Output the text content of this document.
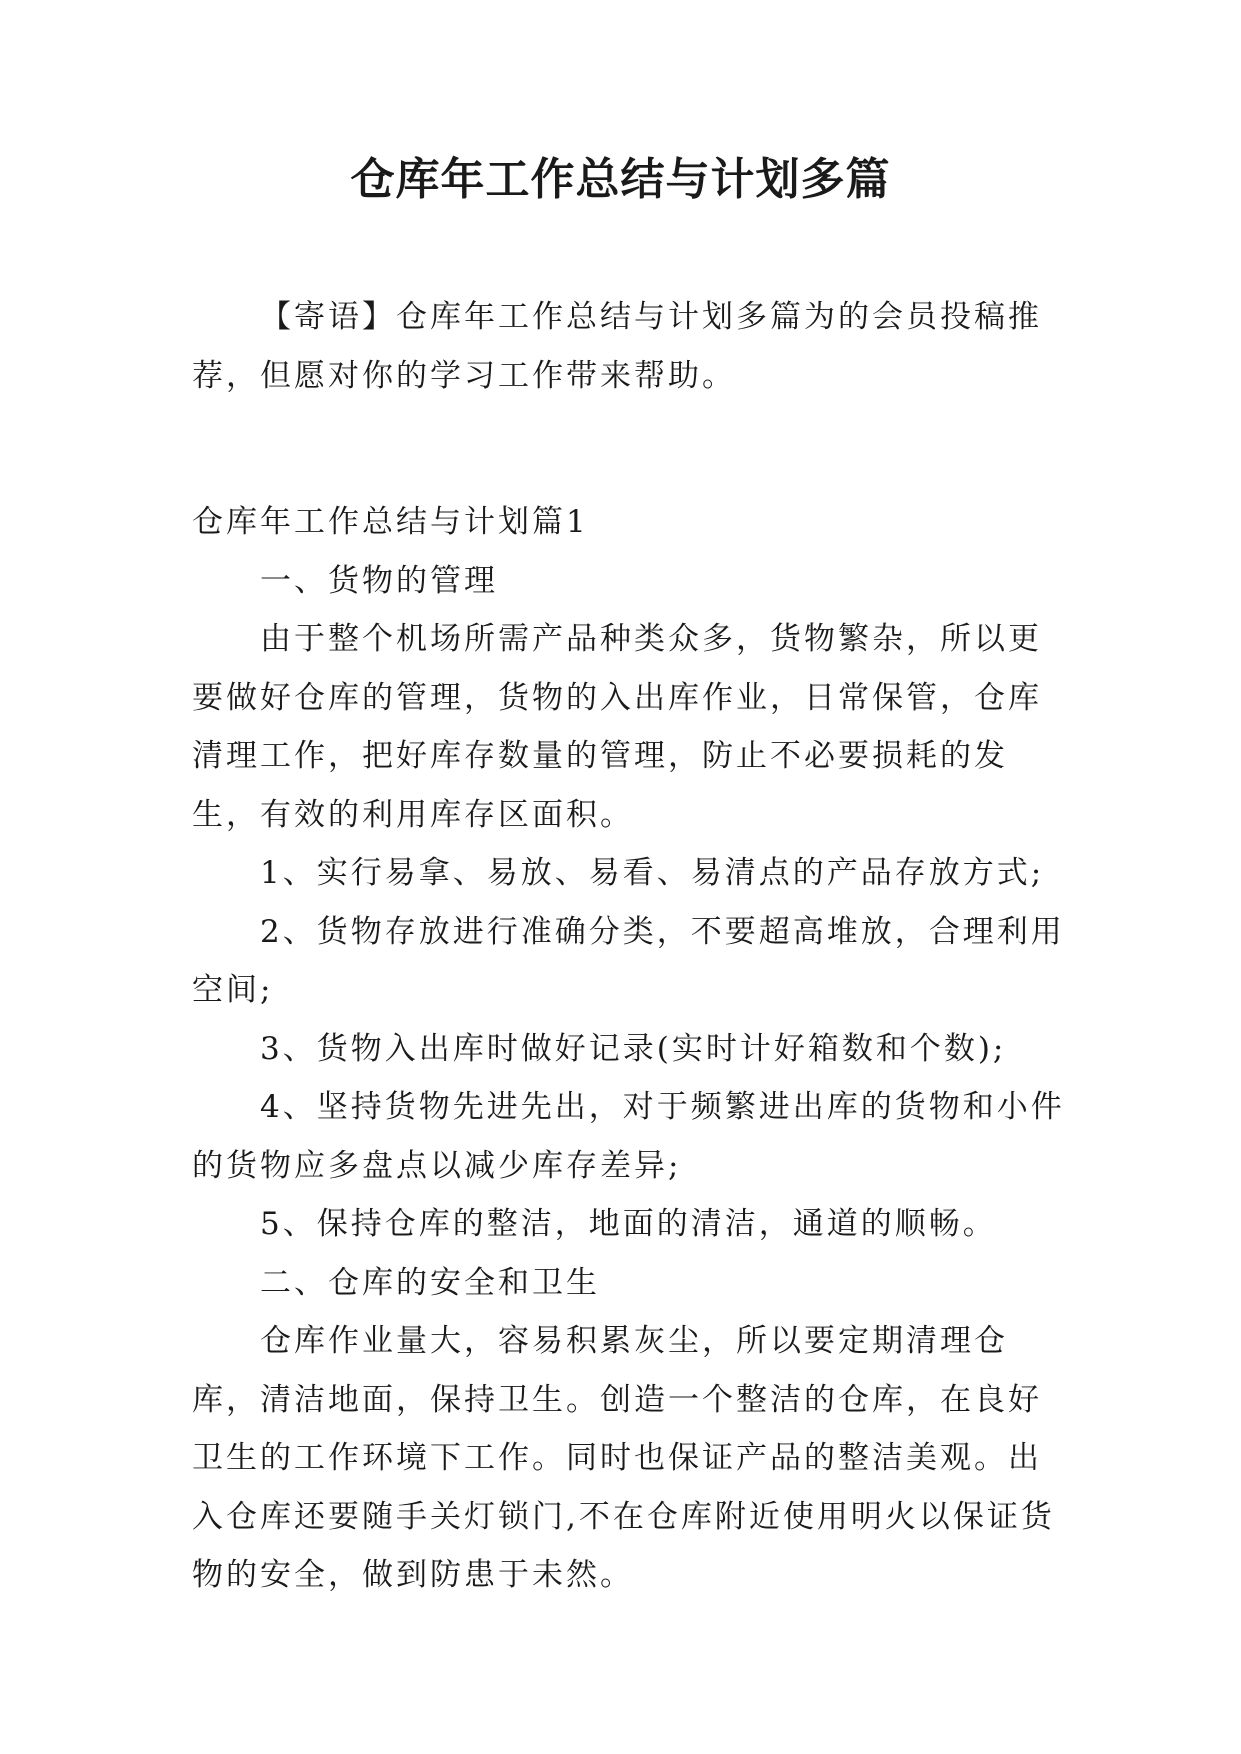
仓库年工作总结与计划多篇

【寄语】仓库年工作总结与计划多篇为的会员投稿推荐，但愿对你的学习工作带来帮助。

仓库年工作总结与计划篇1

一、货物的管理

由于整个机场所需产品种类众多，货物繁杂，所以更要做好仓库的管理，货物的入出库作业，日常保管，仓库清理工作，把好库存数量的管理，防止不必要损耗的发生，有效的利用库存区面积。

1、实行易拿、易放、易看、易清点的产品存放方式;

2、货物存放进行准确分类，不要超高堆放，合理利用空间;

3、货物入出库时做好记录(实时计好箱数和个数);

4、坚持货物先进先出，对于频繁进出库的货物和小件的货物应多盘点以减少库存差异;

5、保持仓库的整洁，地面的清洁，通道的顺畅。

二、仓库的安全和卫生

仓库作业量大，容易积累灰尘，所以要定期清理仓库，清洁地面，保持卫生。创造一个整洁的仓库，在良好卫生的工作环境下工作。同时也保证产品的整洁美观。出入仓库还要随手关灯锁门,不在仓库附近使用明火以保证货物的安全，做到防患于未然。
